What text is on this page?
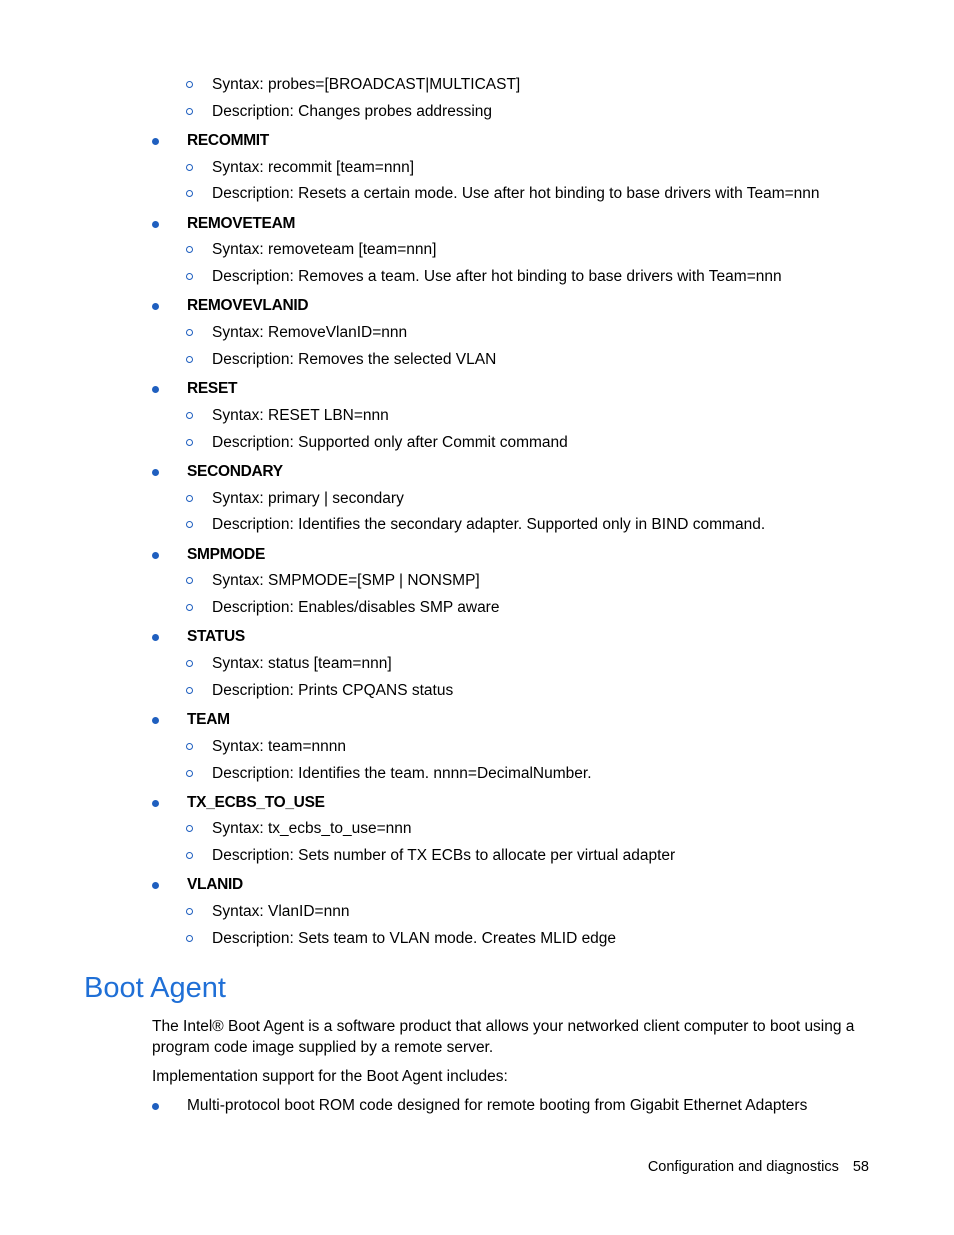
Syntax: probes=[BROADCAST|MULTICAST]
Description: Changes probes addressing
RECOMMIT
Syntax: recommit [team=nnn]
Description: Resets a certain mode. Use after hot binding to base drivers with Team=nnn
REMOVETEAM
Syntax: removeteam [team=nnn]
Description: Removes a team. Use after hot binding to base drivers with Team=nnn
REMOVEVLANID
Syntax: RemoveVlanID=nnn
Description: Removes the selected VLAN
RESET
Syntax: RESET LBN=nnn
Description: Supported only after Commit command
SECONDARY
Syntax: primary | secondary
Description: Identifies the secondary adapter. Supported only in BIND command.
SMPMODE
Syntax: SMPMODE=[SMP | NONSMP]
Description: Enables/disables SMP aware
STATUS
Syntax: status [team=nnn]
Description: Prints CPQANS status
TEAM
Syntax: team=nnnn
Description: Identifies the team. nnnn=DecimalNumber.
TX_ECBS_TO_USE
Syntax: tx_ecbs_to_use=nnn
Description: Sets number of TX ECBs to allocate per virtual adapter
VLANID
Syntax: VlanID=nnn
Description: Sets team to VLAN mode. Creates MLID edge
Boot Agent

The Intel® Boot Agent is a software product that allows your networked client computer to boot using a program code image supplied by a remote server.

Implementation support for the Boot Agent includes:

Multi-protocol boot ROM code designed for remote booting from Gigabit Ethernet Adapters
Configuration and diagnostics 58
